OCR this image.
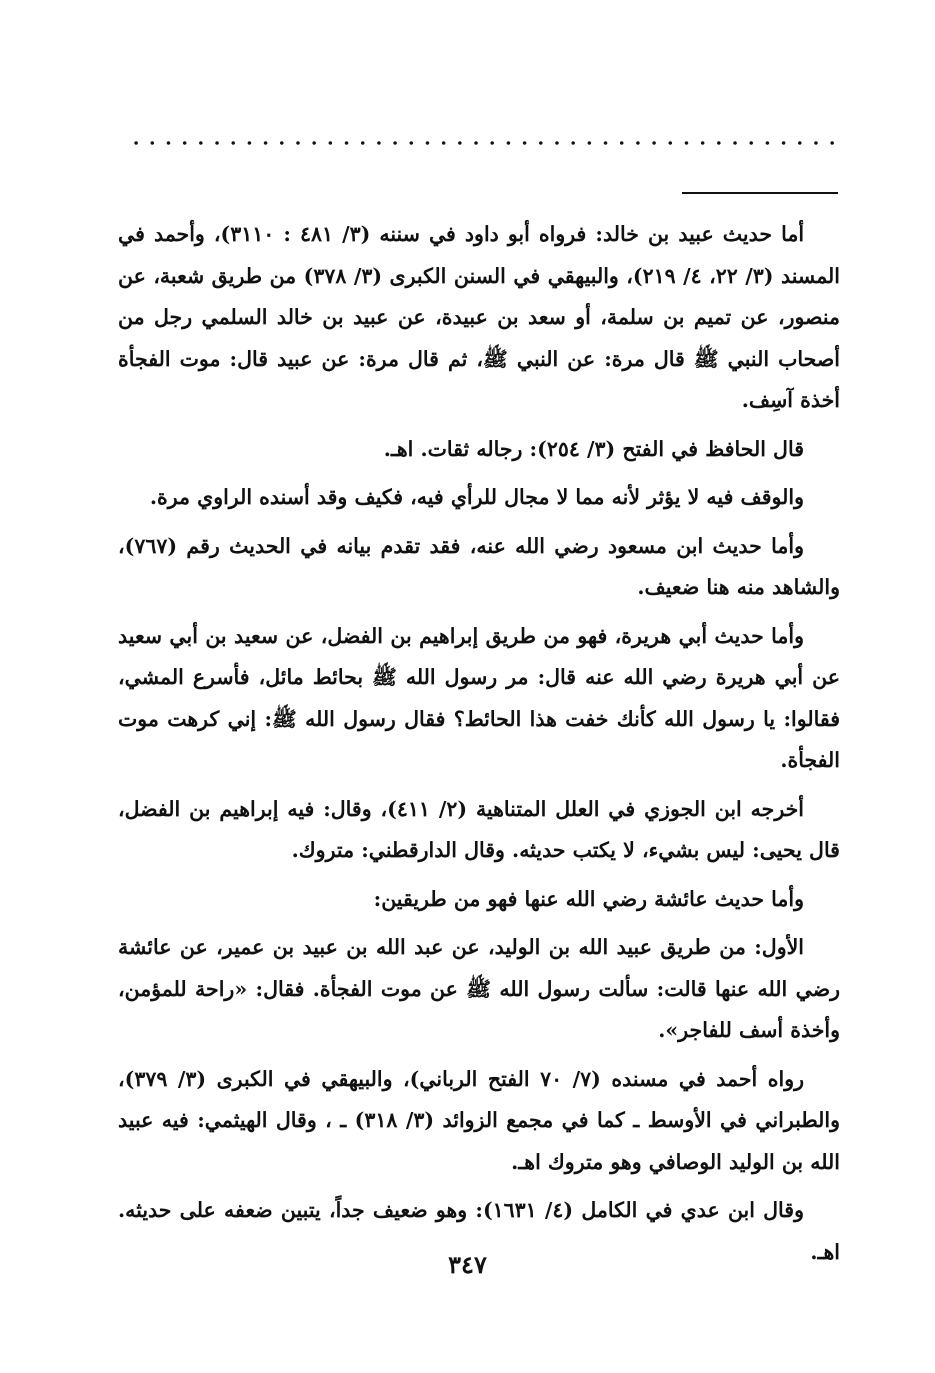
أما حديث عبيد بن خالد: فرواه أبو داود في سننه (٣/ ٤٨١ : ٣١١٠)، وأحمد في المسند (٣/ ٢٢، ٤/ ٢١٩)، والبيهقي في السنن الكبرى (٣/ ٣٧٨) من طريق شعبة، عن منصور، عن تميم بن سلمة، أو سعد بن عبيدة، عن عبيد بن خالد السلمي رجل من أصحاب النبي ﷺ قال مرة: عن النبي ﷺ، ثم قال مرة: عن عبيد قال: موت الفجأة أخذة آسِف.

قال الحافظ في الفتح (٣/ ٢٥٤): رجاله ثقات. اهـ.

والوقف فيه لا يؤثر لأنه مما لا مجال للرأي فيه، فكيف وقد أسنده الراوي مرة.

وأما حديث ابن مسعود رضي الله عنه، فقد تقدم بيانه في الحديث رقم (٧٦٧)، والشاهد منه هنا ضعيف.

وأما حديث أبي هريرة، فهو من طريق إبراهيم بن الفضل، عن سعيد بن أبي سعيد عن أبي هريرة رضي الله عنه قال: مر رسول الله ﷺ بحائط مائل، فأسرع المشي، فقالوا: يا رسول الله كأنك خفت هذا الحائط؟ فقال رسول الله ﷺ: إني كرهت موت الفجأة.

أخرجه ابن الجوزي في العلل المتناهية (٢/ ٤١١)، وقال: فيه إبراهيم بن الفضل، قال يحيى: ليس بشيء، لا يكتب حديثه. وقال الدارقطني: متروك.

وأما حديث عائشة رضي الله عنها فهو من طريقين:

الأول: من طريق عبيد الله بن الوليد، عن عبد الله بن عبيد بن عمير، عن عائشة رضي الله عنها قالت: سألت رسول الله ﷺ عن موت الفجأة. فقال: «راحة للمؤمن، وأخذة أسف للفاجر».

رواه أحمد في مسنده (٧/ ٧٠ الفتح الرباني)، والبيهقي في الكبرى (٣/ ٣٧٩)، والطبراني في الأوسط ـ كما في مجمع الزوائد (٣/ ٣١٨) ـ ، وقال الهيثمي: فيه عبيد الله بن الوليد الوصافي وهو متروك اهـ.

وقال ابن عدي في الكامل (٤/ ١٦٣١): وهو ضعيف جداً، يتبين ضعفه على حديثه. اهـ.

٣٤٧
